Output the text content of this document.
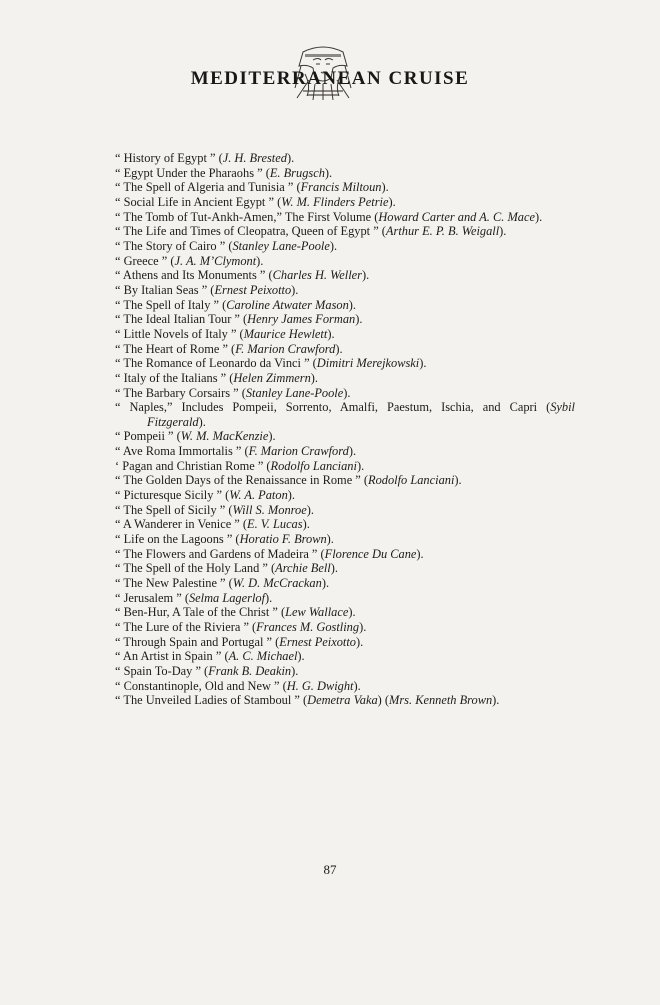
MEDITERRANEAN CRUISE
“ History of Egypt ” (J. H. Brested).
“ Egypt Under the Pharaohs ” (E. Brugsch).
“ The Spell of Algeria and Tunisia ” (Francis Miltoun).
“ Social Life in Ancient Egypt ” (W. M. Flinders Petrie).
“ The Tomb of Tut-Ankh-Amen,” The First Volume (Howard Carter and A. C. Mace).
“ The Life and Times of Cleopatra, Queen of Egypt ” (Arthur E. P. B. Weigall).
“ The Story of Cairo ” (Stanley Lane-Poole).
“ Greece ” (J. A. M’Clymont).
“ Athens and Its Monuments ” (Charles H. Weller).
“ By Italian Seas ” (Ernest Peixotto).
“ The Spell of Italy ” (Caroline Atwater Mason).
“ The Ideal Italian Tour ” (Henry James Forman).
“ Little Novels of Italy ” (Maurice Hewlett).
“ The Heart of Rome ” (F. Marion Crawford).
“ The Romance of Leonardo da Vinci ” (Dimitri Merejkowski).
“ Italy of the Italians ” (Helen Zimmern).
“ The Barbary Corsairs ” (Stanley Lane-Poole).
“ Naples,” Includes Pompeii, Sorrento, Amalfi, Paestum, Ischia, and Capri (Sybil Fitzgerald).
“ Pompeii ” (W. M. MacKenzie).
“ Ave Roma Immortalis ” (F. Marion Crawford).
‘ Pagan and Christian Rome ” (Rodolfo Lanciani).
“ The Golden Days of the Renaissance in Rome ” (Rodolfo Lanciani).
“ Picturesque Sicily ” (W. A. Paton).
“ The Spell of Sicily ” (Will S. Monroe).
“ A Wanderer in Venice ” (E. V. Lucas).
“ Life on the Lagoons ” (Horatio F. Brown).
“ The Flowers and Gardens of Madeira ” (Florence Du Cane).
“ The Spell of the Holy Land ” (Archie Bell).
“ The New Palestine ” (W. D. McCrackan).
“ Jerusalem ” (Selma Lagerlof).
“ Ben-Hur, A Tale of the Christ ” (Lew Wallace).
“ The Lure of the Riviera ” (Frances M. Gostling).
“ Through Spain and Portugal ” (Ernest Peixotto).
“ An Artist in Spain ” (A. C. Michael).
“ Spain To-Day ” (Frank B. Deakin).
“ Constantinople, Old and New ” (H. G. Dwight).
“ The Unveiled Ladies of Stamboul ” (Demetra Vaka) (Mrs. Kenneth Brown).
87
